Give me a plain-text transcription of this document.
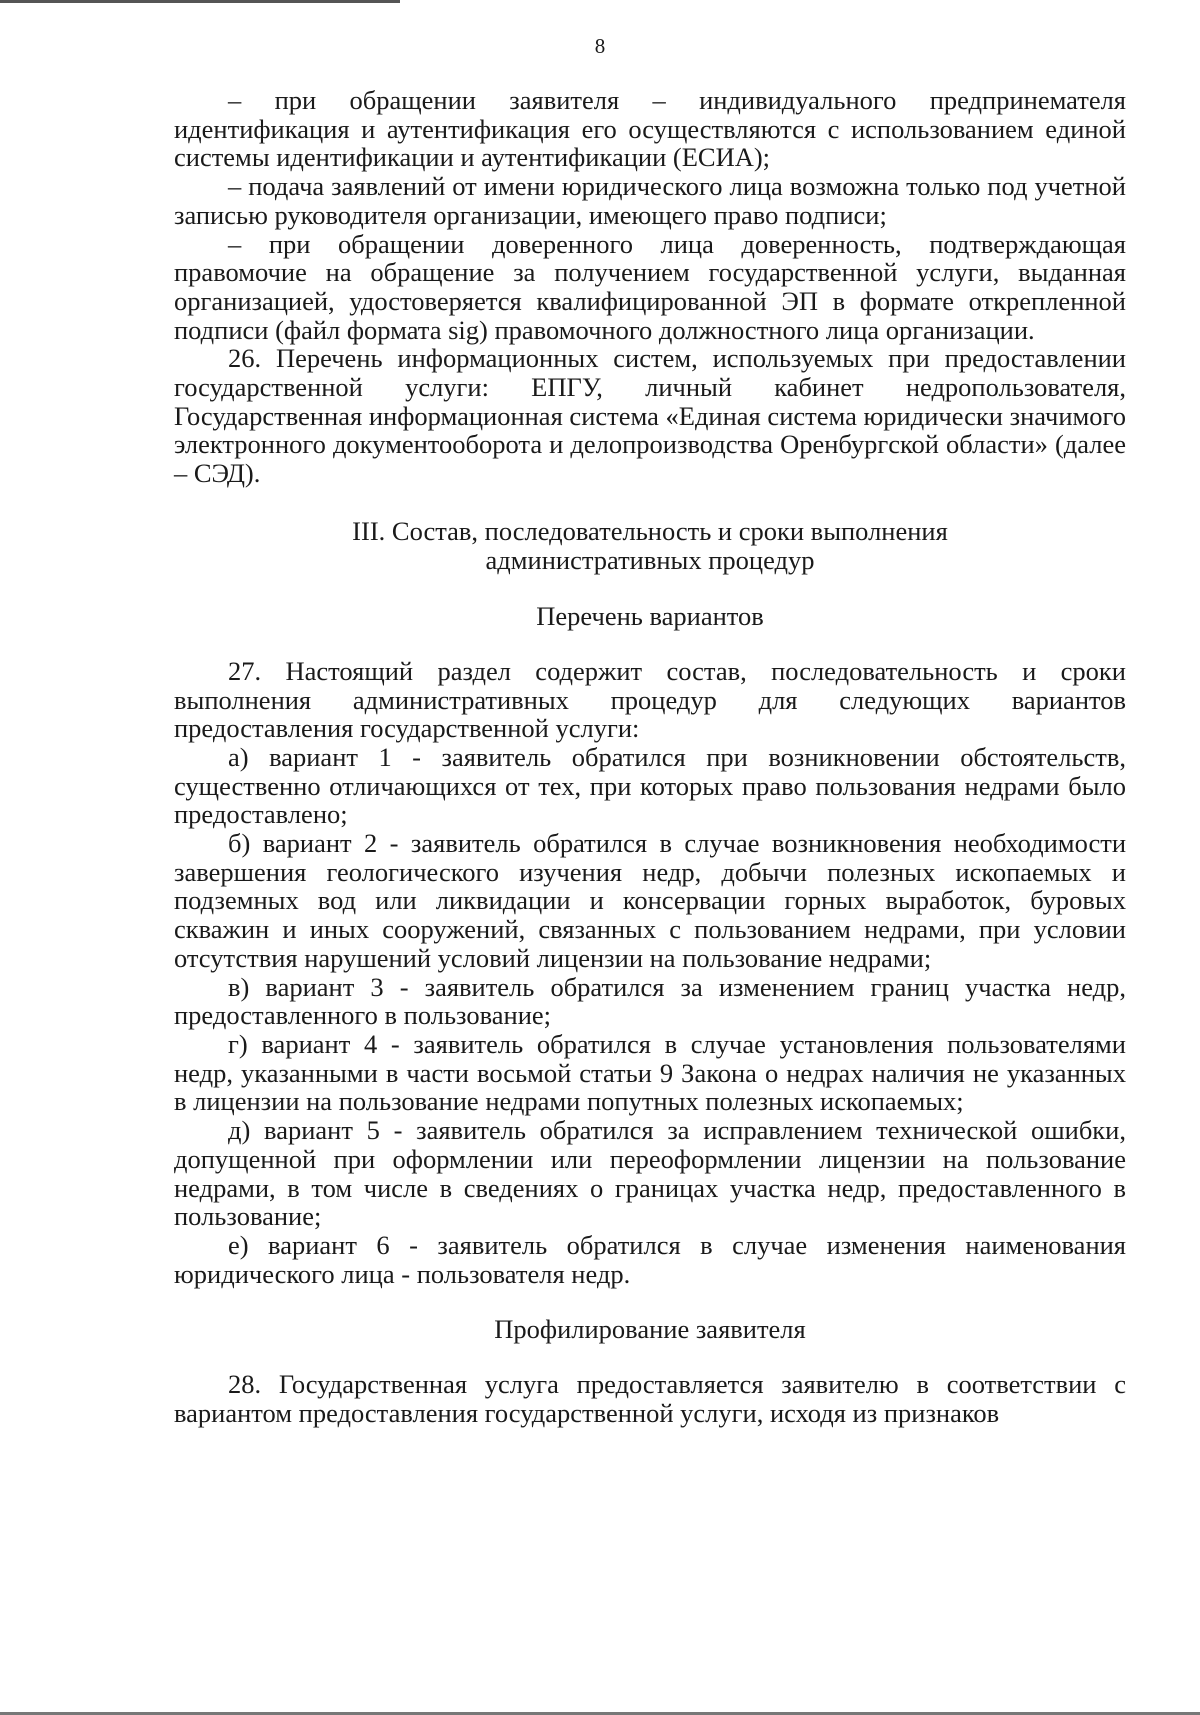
8

– при обращении заявителя – индивидуального предпринемателя идентификация и аутентификация его осуществляются с использованием единой системы идентификации и аутентификации (ЕСИА);

– подача заявлений от имени юридического лица возможна только под учетной записью руководителя организации, имеющего право подписи;

– при обращении доверенного лица доверенность, подтверждающая правомочие на обращение за получением государственной услуги, выданная организацией, удостоверяется квалифицированной ЭП в формате открепленной подписи (файл формата sig) правомочного должностного лица организации.

26. Перечень информационных систем, используемых при предоставлении государственной услуги: ЕПГУ, личный кабинет недропользователя, Государственная информационная система «Единая система юридически значимого электронного документооборота и делопроизводства Оренбургской области» (далее – СЭД).

III. Состав, последовательность и сроки выполнения
административных процедур
Перечень вариантов

27. Настоящий раздел содержит состав, последовательность и сроки выполнения административных процедур для следующих вариантов предоставления государственной услуги:

а) вариант 1 - заявитель обратился при возникновении обстоятельств, существенно отличающихся от тех, при которых право пользования недрами было предоставлено;

б) вариант 2 - заявитель обратился в случае возникновения необходимости завершения геологического изучения недр, добычи полезных ископаемых и подземных вод или ликвидации и консервации горных выработок, буровых скважин и иных сооружений, связанных с пользованием недрами, при условии отсутствия нарушений условий лицензии на пользование недрами;

в) вариант 3 - заявитель обратился за изменением границ участка недр, предоставленного в пользование;

г) вариант 4 - заявитель обратился в случае установления пользователями недр, указанными в части восьмой статьи 9 Закона о недрах наличия не указанных в лицензии на пользование недрами попутных полезных ископаемых;

д) вариант 5 - заявитель обратился за исправлением технической ошибки, допущенной при оформлении или переоформлении лицензии на пользование недрами, в том числе в сведениях о границах участка недр, предоставленного в пользование;

е) вариант 6 - заявитель обратился в случае изменения наименования юридического лица - пользователя недр.

Профилирование заявителя

28. Государственная услуга предоставляется заявителю в соответствии с вариантом предоставления государственной услуги, исходя из признаков
